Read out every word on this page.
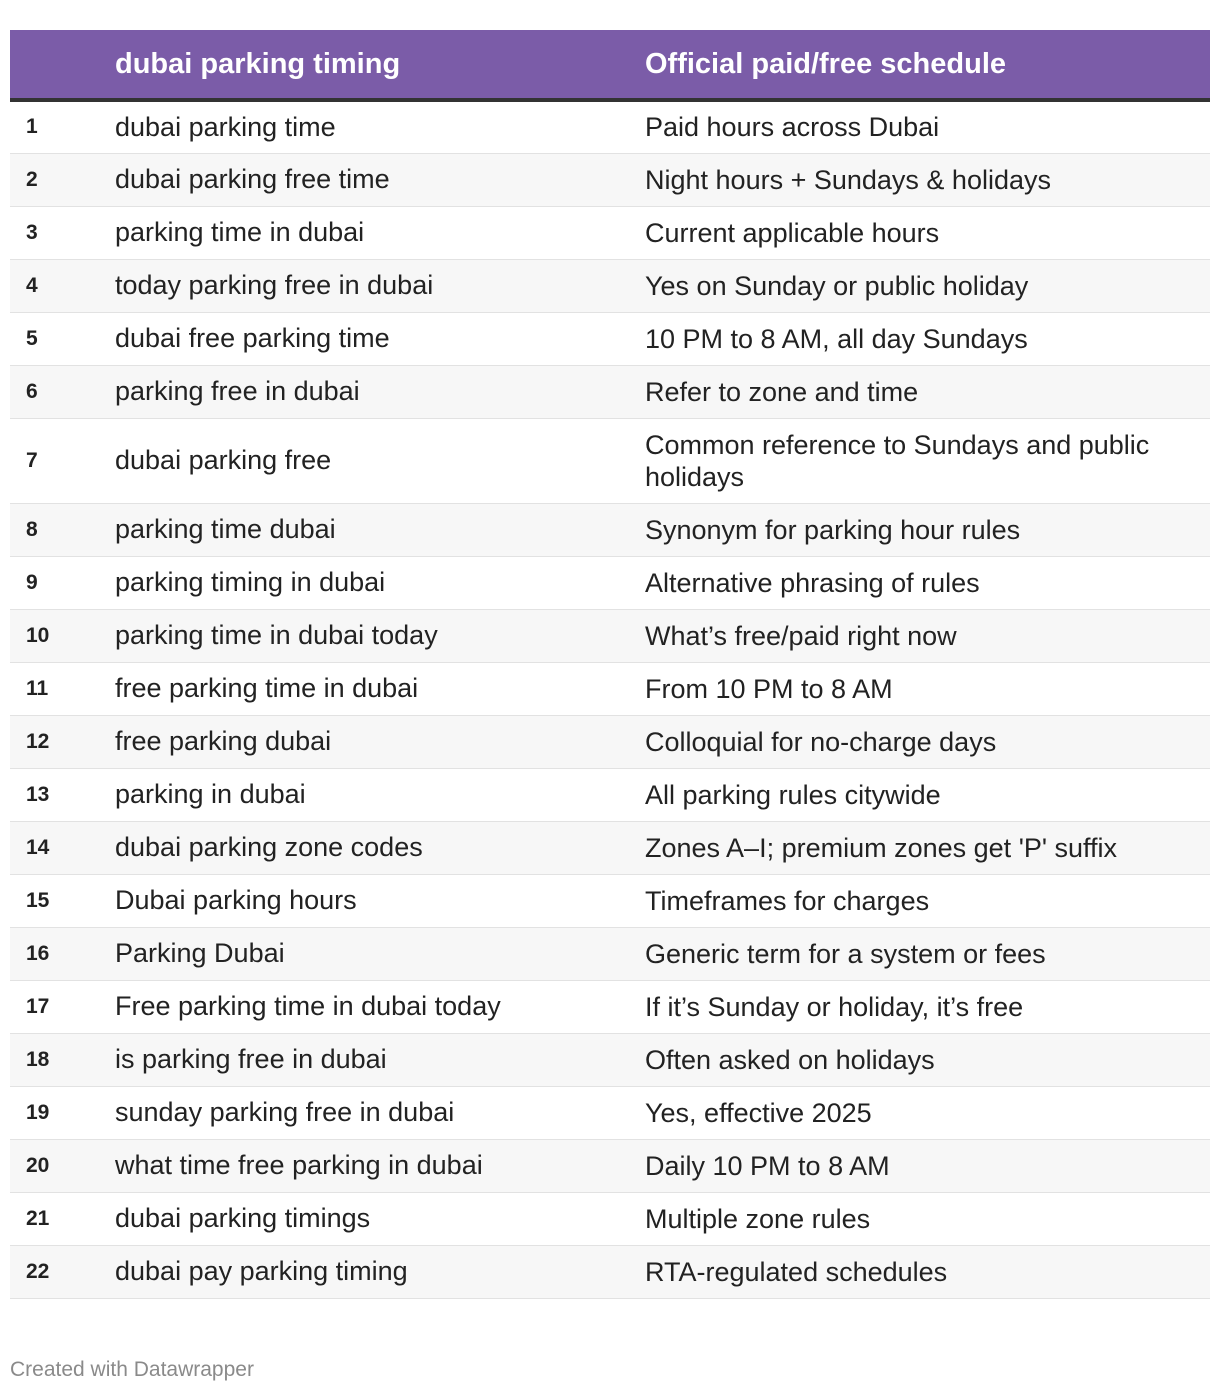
	dubai parking timing	Official paid/free schedule
1	dubai parking time	Paid hours across Dubai
2	dubai parking free time	Night hours + Sundays & holidays
3	parking time in dubai	Current applicable hours
4	today parking free in dubai	Yes on Sunday or public holiday
5	dubai free parking time	10 PM to 8 AM, all day Sundays
6	parking free in dubai	Refer to zone and time
7	dubai parking free	Common reference to Sundays and public holidays
8	parking time dubai	Synonym for parking hour rules
9	parking timing in dubai	Alternative phrasing of rules
10	parking time in dubai today	What’s free/paid right now
11	free parking time in dubai	From 10 PM to 8 AM
12	free parking dubai	Colloquial for no-charge days
13	parking in dubai	All parking rules citywide
14	dubai parking zone codes	Zones A–I; premium zones get 'P' suffix
15	Dubai parking hours	Timeframes for charges
16	Parking Dubai	Generic term for a system or fees
17	Free parking time in dubai today	If it’s Sunday or holiday, it’s free
18	is parking free in dubai	Often asked on holidays
19	sunday parking free in dubai	Yes, effective 2025
20	what time free parking in dubai	Daily 10 PM to 8 AM
21	dubai parking timings	Multiple zone rules
22	dubai pay parking timing	RTA-regulated schedules
Created with Datawrapper
